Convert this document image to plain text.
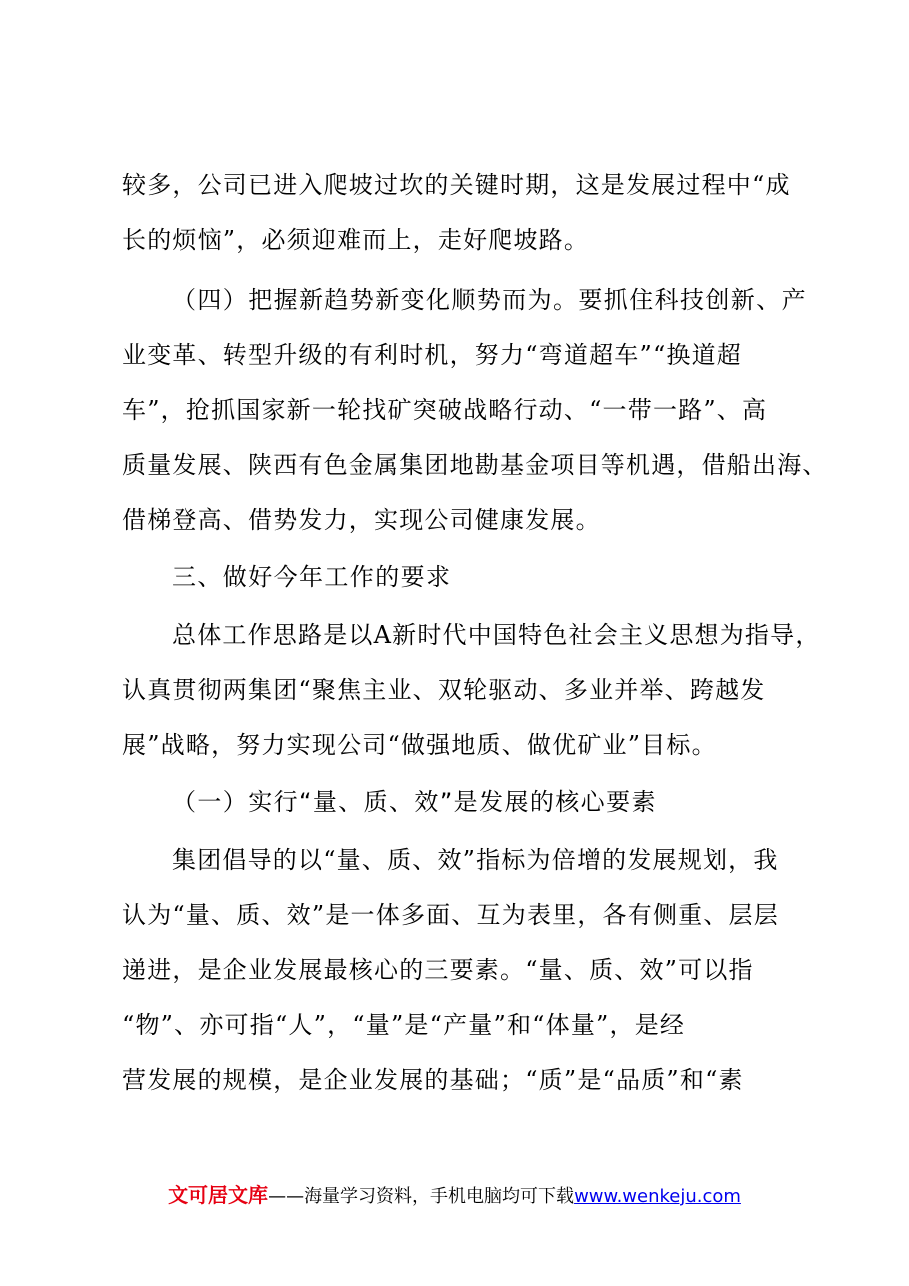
较多，公司已进入爬坡过坎的关键时期，这是发展过程中“成
长的烦恼”，必须迎难而上，走好爬坡路。
（四）把握新趋势新变化顺势而为。要抓住科技创新、产
业变革、转型升级的有利时机，努力“弯道超车”“换道超
车”，抢抓国家新一轮找矿突破战略行动、“一带一路”、高
质量发展、陕西有色金属集团地勘基金项目等机遇，借船出海、
借梯登高、借势发力，实现公司健康发展。
三、做好今年工作的要求
总体工作思路是以A新时代中国特色社会主义思想为指导，
认真贯彻两集团“聚焦主业、双轮驱动、多业并举、跨越发
展”战略，努力实现公司“做强地质、做优矿业”目标。
（一）实行“量、质、效”是发展的核心要素
集团倡导的以“量、质、效”指标为倍增的发展规划，我
认为“量、质、效”是一体多面、互为表里，各有侧重、层层
递进，是企业发展最核心的三要素。“量、质、效”可以指
“物”、亦可指“人”，“量”是“产量”和“体量”，是经
营发展的规模，是企业发展的基础；“质”是“品质”和“素
文可居文库——海量学习资料，手机电脑均可下载www.wenkeju.com
